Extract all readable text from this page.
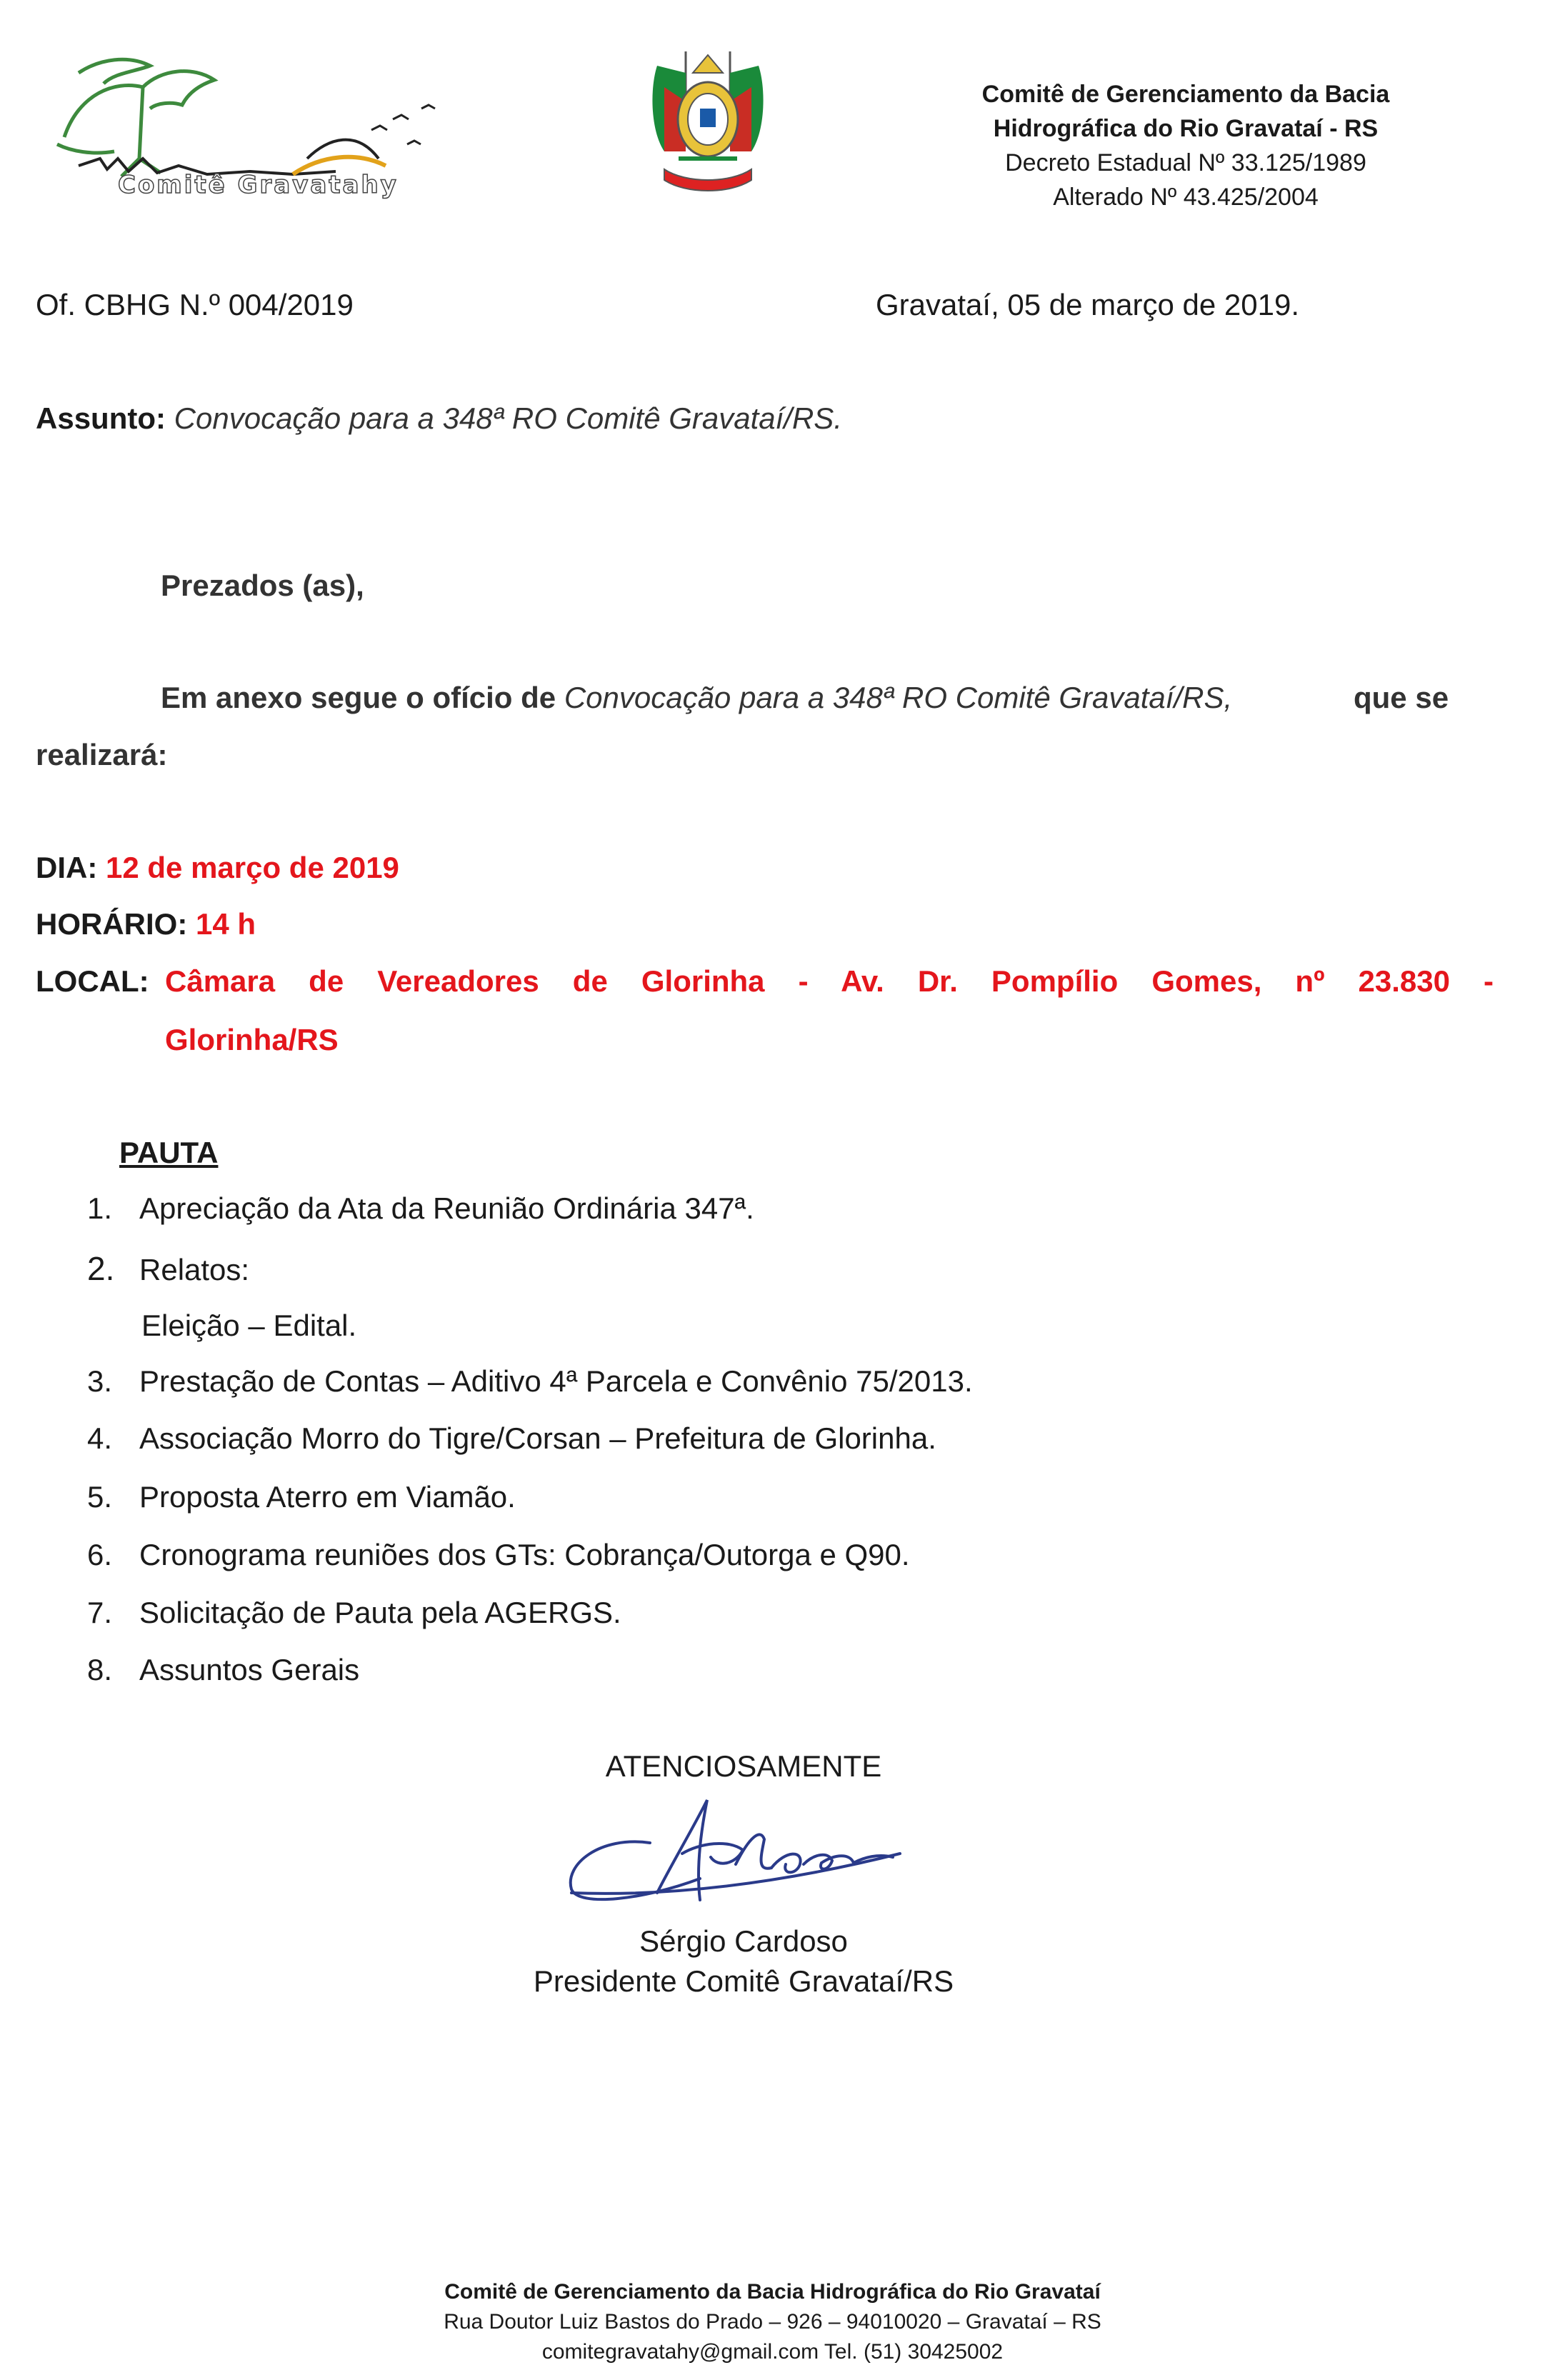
Comitê Gravatahy
Comitê de Gerenciamento da Bacia
Hidrográfica do Rio Gravataí - RS
Decreto Estadual Nº 33.125/1989
Alterado Nº 43.425/2004
Of. CBHG N.º 004/2019	Gravataí, 05 de março de 2019.
Assunto: Convocação para a 348ª RO Comitê Gravataí/RS.
Prezados (as),
Em anexo segue o ofício de Convocação para a 348ª RO Comitê Gravataí/RS,	que se
realizará:
DIA: 12 de março de 2019
HORÁRIO: 14 h
LOCAL: Câmara de Vereadores de Glorinha - Av. Dr. Pompílio Gomes, nº 23.830 -
Glorinha/RS
PAUTA
1. Apreciação da Ata da Reunião Ordinária 347ª.
2. Relatos:
Eleição – Edital.
3. Prestação de Contas – Aditivo 4ª Parcela e Convênio 75/2013.
4. Associação Morro do Tigre/Corsan – Prefeitura de Glorinha.
5. Proposta Aterro em Viamão.
6. Cronograma reuniões dos GTs: Cobrança/Outorga e Q90.
7. Solicitação de Pauta pela AGERGS.
8. Assuntos Gerais
ATENCIOSAMENTE
Sérgio Cardoso
Presidente Comitê Gravataí/RS
Comitê de Gerenciamento da Bacia Hidrográfica do Rio Gravataí
Rua Doutor Luiz Bastos do Prado – 926 – 94010020 – Gravataí – RS
comitegravatahy@gmail.com Tel. (51) 30425002
